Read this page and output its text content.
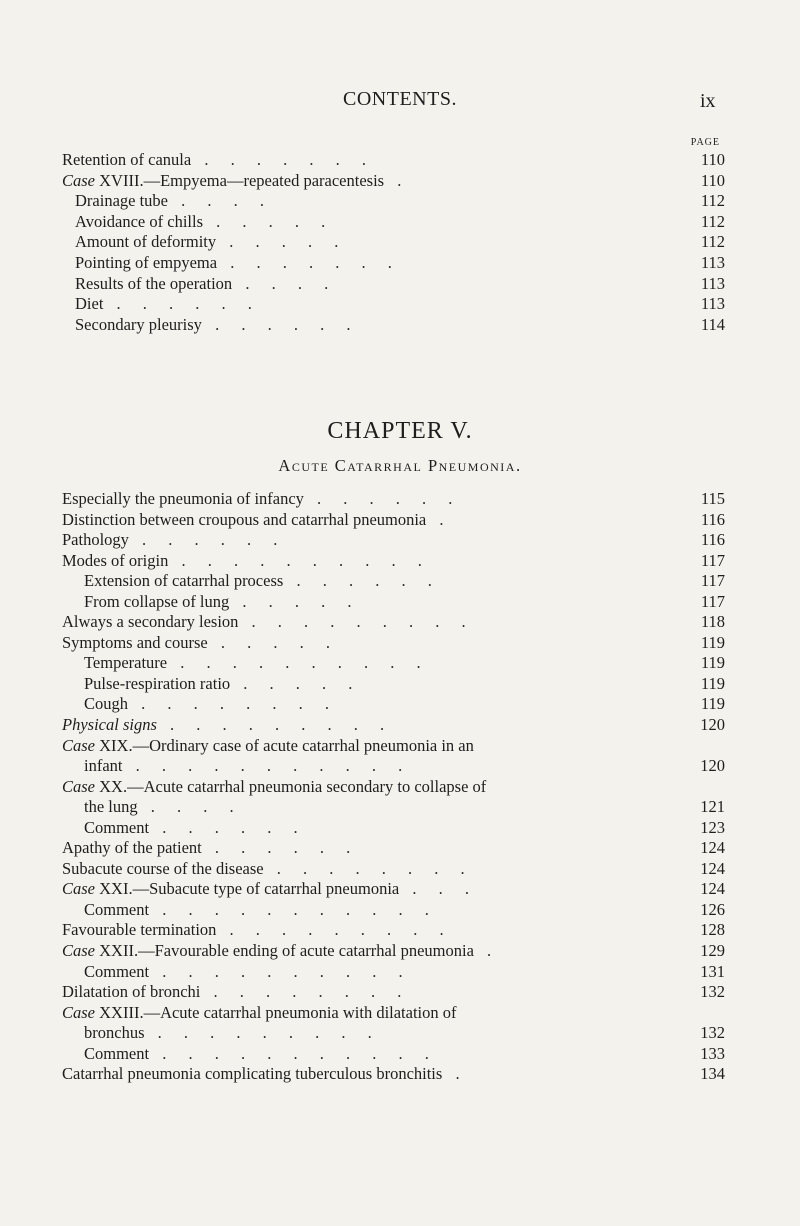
CONTENTS.	ix
PAGE
Retention of canula . . . . . . .	110
Case XVIII.—Empyema—repeated paracentesis .	110
Drainage tube . . . .	112
Avoidance of chills . . . . .	112
Amount of deformity . . . . .	112
Pointing of empyema . . . . . . .	113
Results of the operation . . . .	113
Diet . . . . . .	113
Secondary pleurisy . . . . . .	114
CHAPTER V.
Acute Catarrhal Pneumonia.
Especially the pneumonia of infancy . . . . . .	115
Distinction between croupous and catarrhal pneumonia .	116
Pathology . . . . . .	116
Modes of origin . . . . . . . . . .	117
Extension of catarrhal process . . . . . .	117
From collapse of lung . . . . .	117
Always a secondary lesion . . . . . . . . .	118
Symptoms and course . . . . .	119
Temperature . . . . . . . . . .	119
Pulse-respiration ratio . . . . .	119
Cough . . . . . . . .	119
Physical signs . . . . . . . . .	120
Case XIX.—Ordinary case of acute catarrhal pneumonia in an
infant . . . . . . . . . . .	120
Case XX.—Acute catarrhal pneumonia secondary to collapse of
the lung . . . .	121
Comment . . . . . .	123
Apathy of the patient . . . . . .	124
Subacute course of the disease . . . . . . . .	124
Case XXI.—Subacute type of catarrhal pneumonia . . .	124
Comment . . . . . . . . . . .	126
Favourable termination . . . . . . . . .	128
Case XXII.—Favourable ending of acute catarrhal pneumonia .	129
Comment . . . . . . . . . .	131
Dilatation of bronchi . . . . . . . .	132
Case XXIII.—Acute catarrhal pneumonia with dilatation of
bronchus . . . . . . . . .	132
Comment . . . . . . . . . . .	133
Catarrhal pneumonia complicating tuberculous bronchitis .	134
